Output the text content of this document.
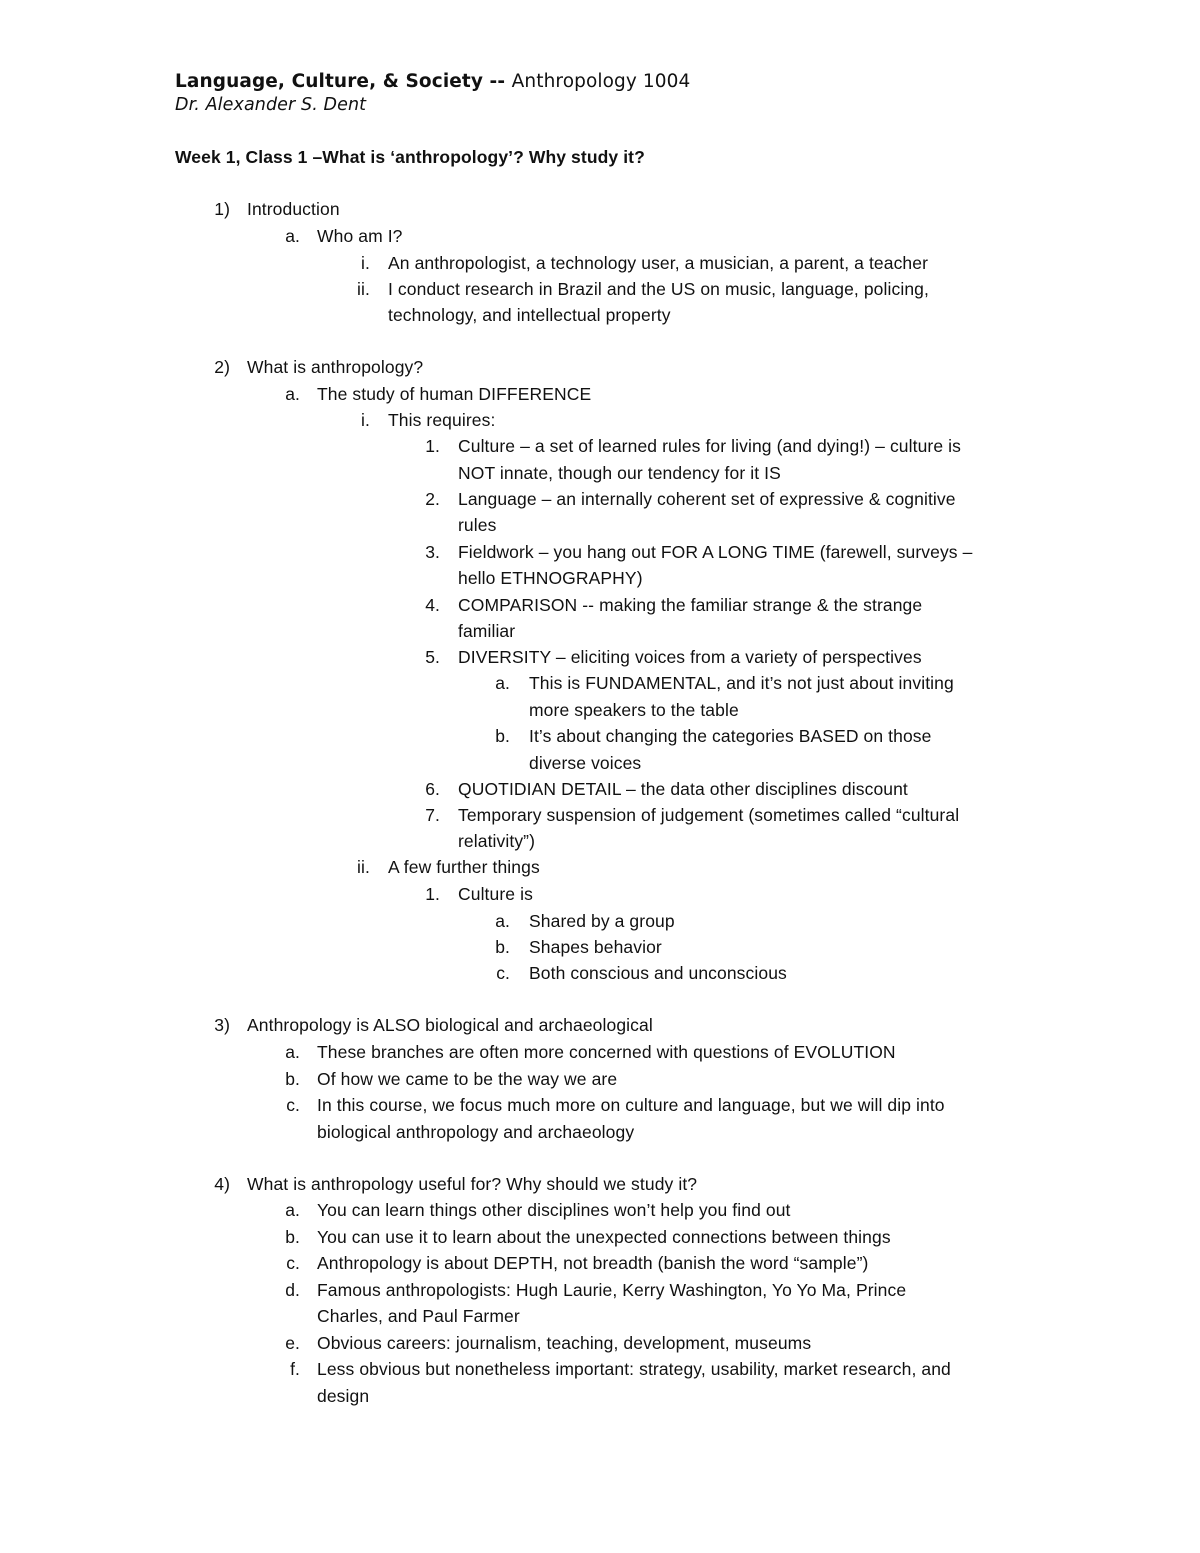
Language, Culture, & Society -- Anthropology 1004
Dr. Alexander S. Dent
Week 1, Class 1 –What is ‘anthropology’? Why study it?
1) Introduction
a. Who am I?
i. An anthropologist, a technology user, a musician, a parent, a teacher
ii. I conduct research in Brazil and the US on music, language, policing,
technology, and intellectual property
2) What is anthropology?
a. The study of human DIFFERENCE
i. This requires:
1. Culture – a set of learned rules for living (and dying!) – culture is
NOT innate, though our tendency for it IS
2. Language – an internally coherent set of expressive & cognitive
rules
3. Fieldwork – you hang out FOR A LONG TIME (farewell, surveys –
hello ETHNOGRAPHY)
4. COMPARISON -- making the familiar strange & the strange
familiar
5. DIVERSITY – eliciting voices from a variety of perspectives
a. This is FUNDAMENTAL, and it’s not just about inviting
more speakers to the table
b. It’s about changing the categories BASED on those
diverse voices
6. QUOTIDIAN DETAIL – the data other disciplines discount
7. Temporary suspension of judgement (sometimes called “cultural
relativity”)
ii. A few further things
1. Culture is
a. Shared by a group
b. Shapes behavior
c. Both conscious and unconscious
3) Anthropology is ALSO biological and archaeological
a. These branches are often more concerned with questions of EVOLUTION
b. Of how we came to be the way we are
c. In this course, we focus much more on culture and language, but we will dip into
biological anthropology and archaeology
4) What is anthropology useful for? Why should we study it?
a. You can learn things other disciplines won’t help you find out
b. You can use it to learn about the unexpected connections between things
c. Anthropology is about DEPTH, not breadth (banish the word “sample”)
d. Famous anthropologists: Hugh Laurie, Kerry Washington, Yo Yo Ma, Prince
Charles, and Paul Farmer
e. Obvious careers: journalism, teaching, development, museums
f. Less obvious but nonetheless important: strategy, usability, market research, and
design
